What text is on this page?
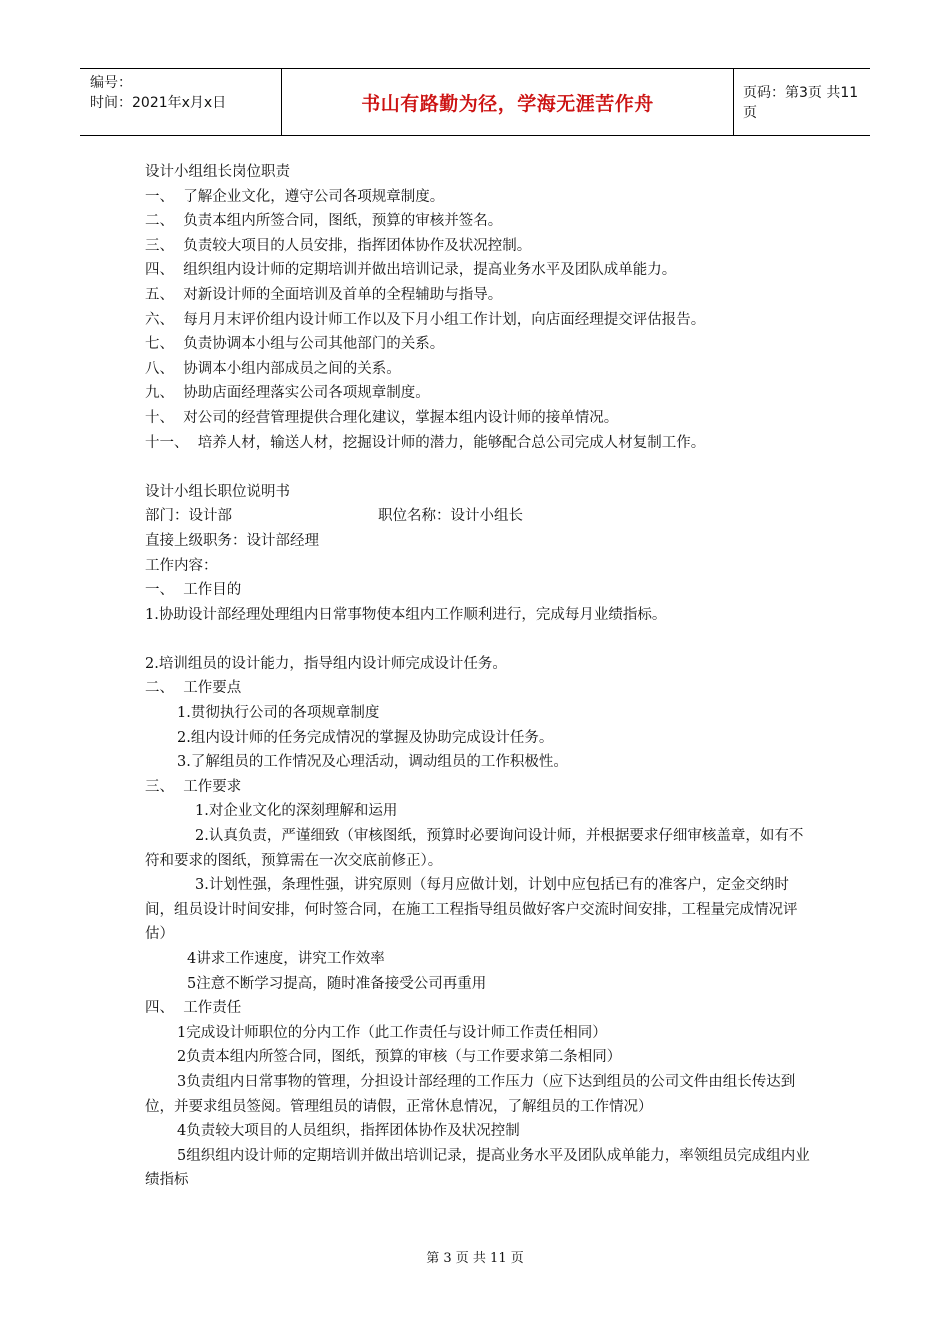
编号：
时间：2021年x月x日	书山有路勤为径，学海无涯苦作舟	页码：第3页 共11页
设计小组组长岗位职责
一、  了解企业文化，遵守公司各项规章制度。
二、  负责本组内所签合同，图纸，预算的审核并签名。
三、  负责较大项目的人员安排，指挥团体协作及状况控制。
四、  组织组内设计师的定期培训并做出培训记录，提高业务水平及团队成单能力。
五、  对新设计师的全面培训及首单的全程辅助与指导。
六、  每月月末评价组内设计师工作以及下月小组工作计划，向店面经理提交评估报告。
七、  负责协调本小组与公司其他部门的关系。
八、  协调本小组内部成员之间的关系。
九、  协助店面经理落实公司各项规章制度。
十、  对公司的经营管理提供合理化建议，掌握本组内设计师的接单情况。
十一、  培养人材，输送人材，挖掘设计师的潜力，能够配合总公司完成人材复制工作。
设计小组长职位说明书
部门：设计部	职位名称：设计小组长
直接上级职务：设计部经理
工作内容：
一、  工作目的
1.协助设计部经理处理组内日常事物使本组内工作顺利进行，完成每月业绩指标。
2.培训组员的设计能力，指导组内设计师完成设计任务。
二、  工作要点
1.贯彻执行公司的各项规章制度
2.组内设计师的任务完成情况的掌握及协助完成设计任务。
3.了解组员的工作情况及心理活动，调动组员的工作积极性。
三、  工作要求
1.对企业文化的深刻理解和运用
2.认真负责，严谨细致（审核图纸，预算时必要询问设计师，并根据要求仔细审核盖章，如有不符和要求的图纸，预算需在一次交底前修正）。
3.计划性强，条理性强，讲究原则（每月应做计划，计划中应包括已有的准客户，定金交纳时间，组员设计时间安排，何时签合同，在施工工程指导组员做好客户交流时间安排，工程量完成情况评估）
4讲求工作速度，讲究工作效率
5注意不断学习提高，随时准备接受公司再重用
四、  工作责任
1完成设计师职位的分内工作（此工作责任与设计师工作责任相同）
2负责本组内所签合同，图纸，预算的审核（与工作要求第二条相同）
3负责组内日常事物的管理，分担设计部经理的工作压力（应下达到组员的公司文件由组长传达到位，并要求组员签阅。管理组员的请假，正常休息情况，了解组员的工作情况）
4负责较大项目的人员组织，指挥团体协作及状况控制
5组织组内设计师的定期培训并做出培训记录，提高业务水平及团队成单能力，率领组员完成组内业绩指标
第 3 页 共 11 页
